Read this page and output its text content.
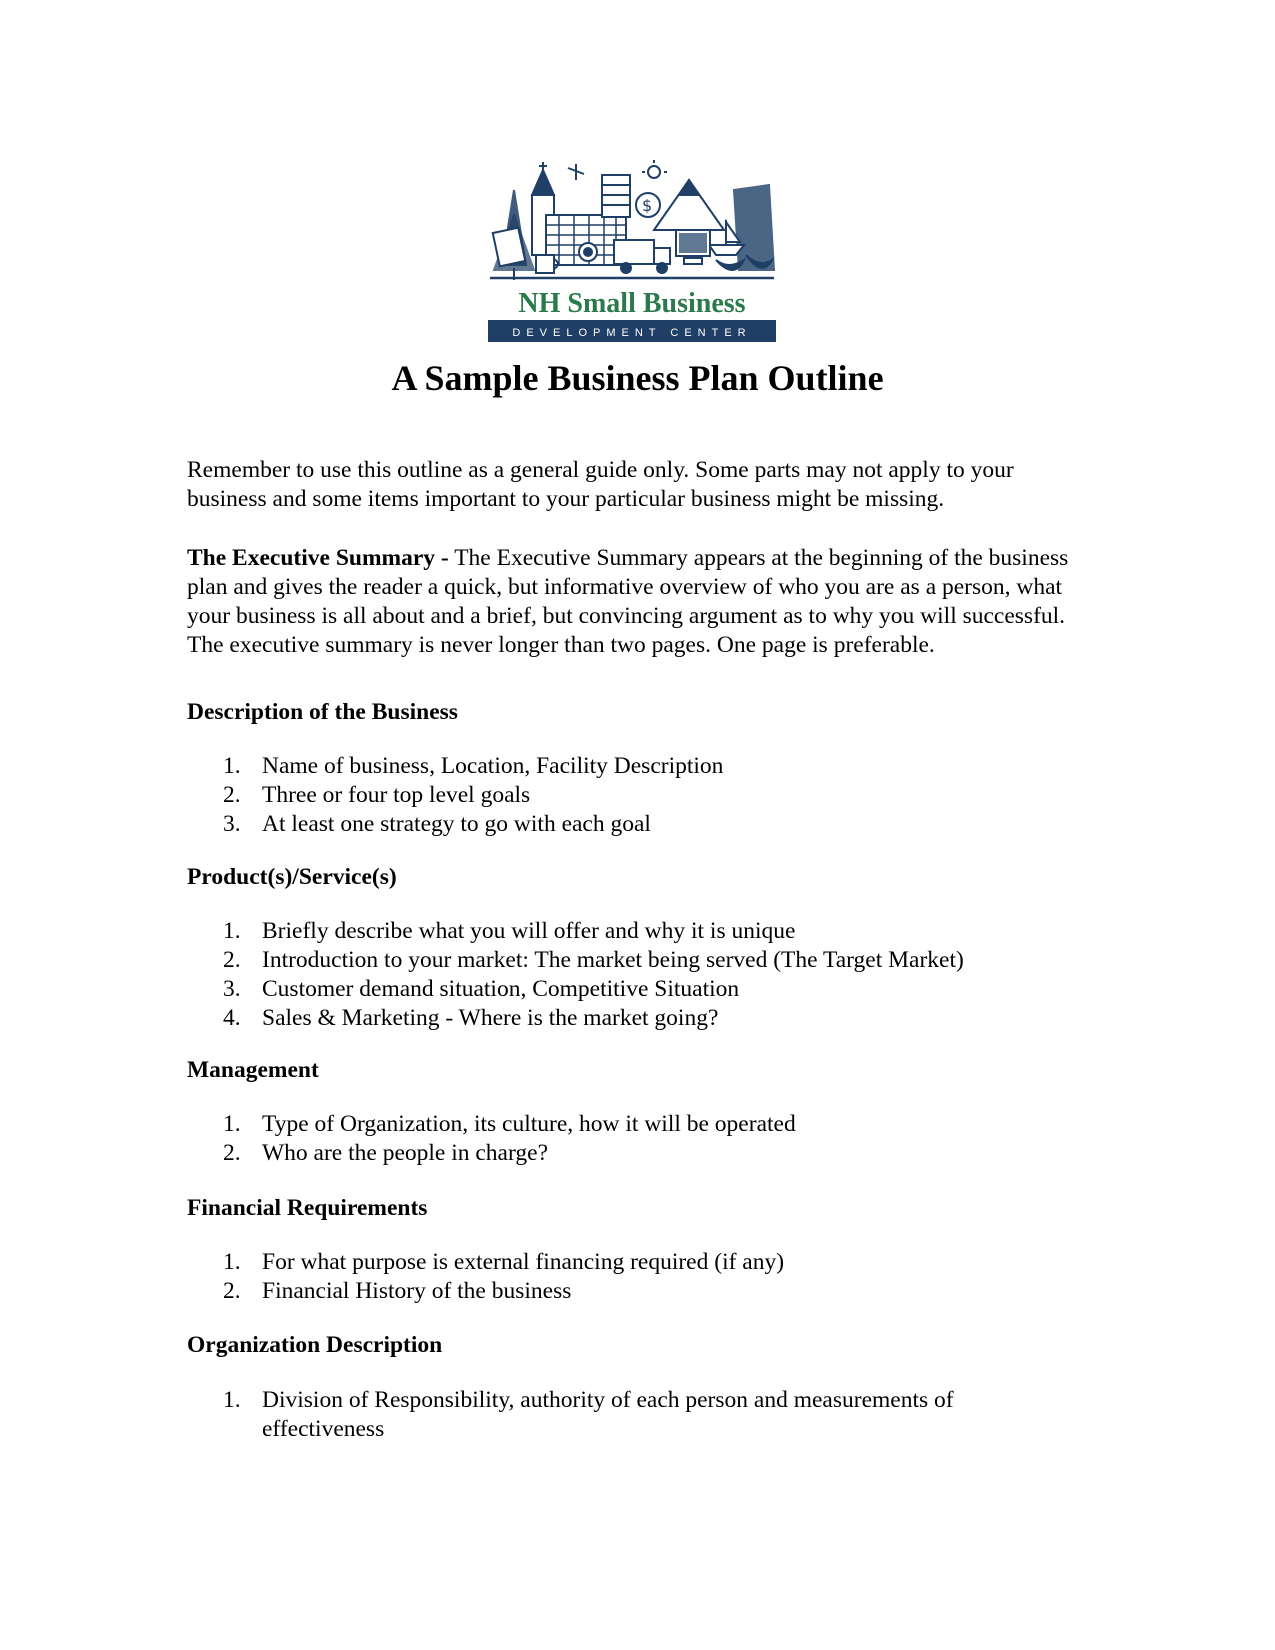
$
NH Small Business
DEVELOPMENT CENTER
A Sample Business Plan Outline

Remember to use this outline as a general guide only. Some parts may not apply to your business and some items important to your particular business might be missing.

The Executive Summary - The Executive Summary appears at the beginning of the business plan and gives the reader a quick, but informative overview of who you are as a person, what your business is all about and a brief, but convincing argument as to why you will successful. The executive summary is never longer than two pages. One page is preferable.

Description of the Business
1. Name of business, Location, Facility Description
2. Three or four top level goals
3. At least one strategy to go with each goal
Product(s)/Service(s)
1. Briefly describe what you will offer and why it is unique
2. Introduction to your market: The market being served (The Target Market)
3. Customer demand situation, Competitive Situation
4. Sales & Marketing - Where is the market going?
Management
1. Type of Organization, its culture, how it will be operated
2. Who are the people in charge?
Financial Requirements
1. For what purpose is external financing required (if any)
2. Financial History of the business
Organization Description
1. Division of Responsibility, authority of each person and measurements of effectiveness
